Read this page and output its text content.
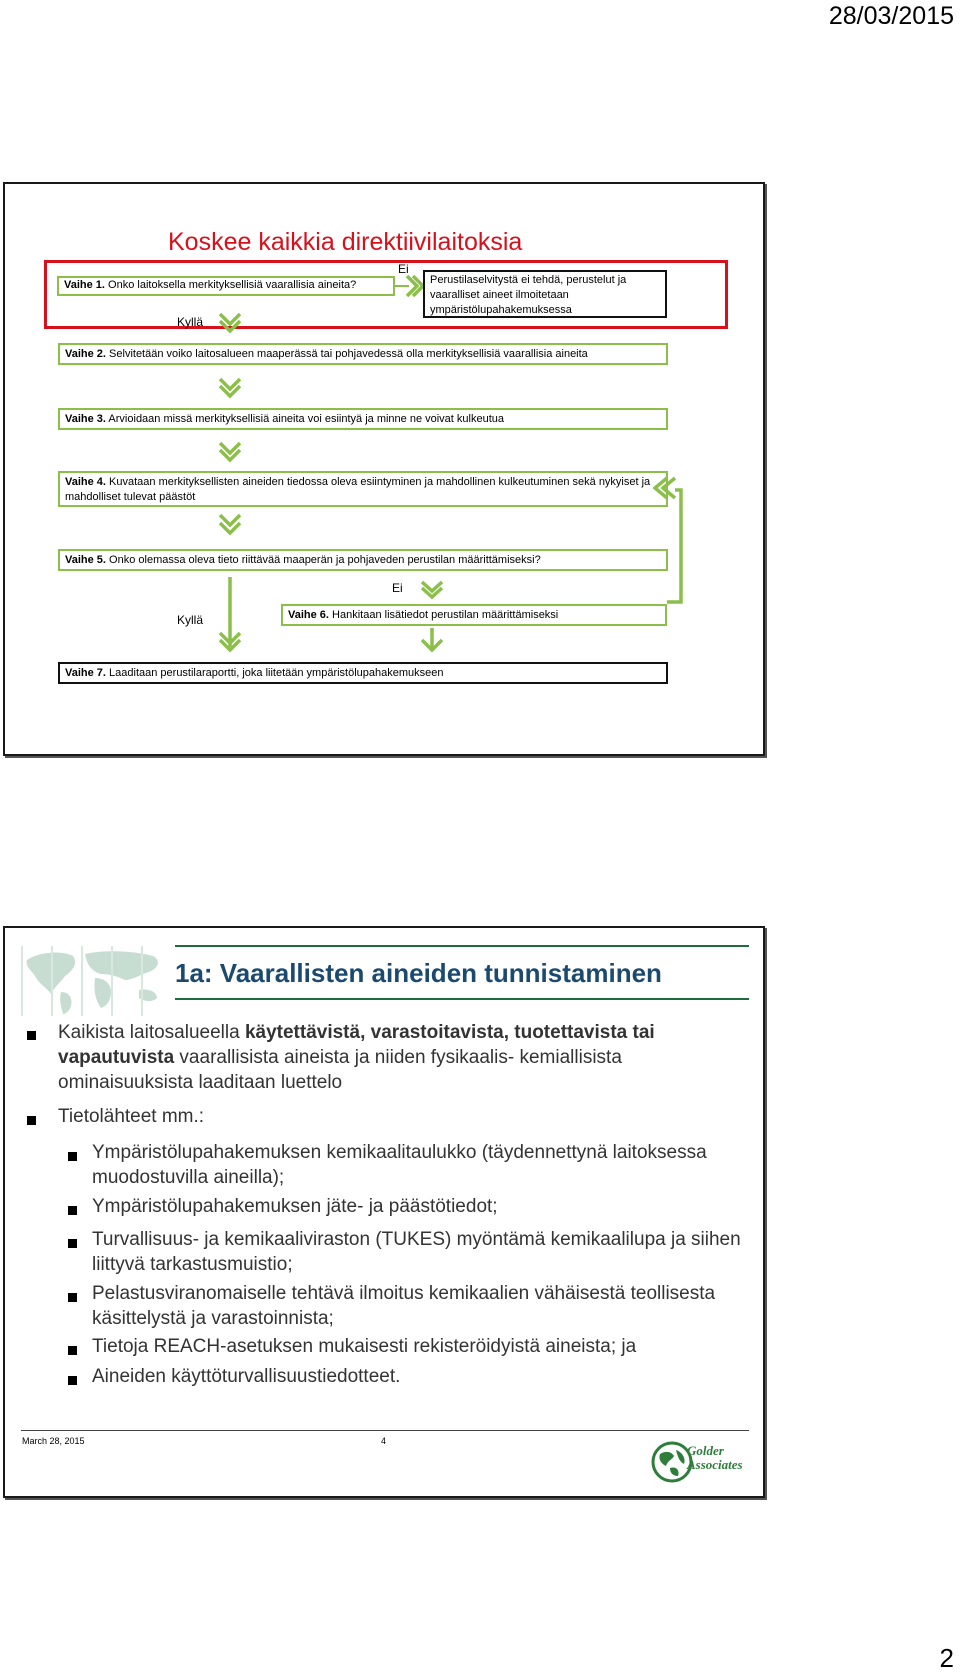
28/03/2015
Koskee kaikkia direktiivilaitoksia
Vaihe 1. Onko laitoksella merkityksellisiä vaarallisia aineita?
Ei
Perustilaselvitystä ei tehdä, perustelut ja vaaralliset aineet ilmoitetaan ympäristölupahakemuksessa
Kyllä
Vaihe 2. Selvitetään voiko laitosalueen maaperässä tai pohjavedessä olla merkityksellisiä vaarallisia aineita
Vaihe 3. Arvioidaan missä merkityksellisiä aineita voi esiintyä ja minne ne voivat kulkeutua
Vaihe 4. Kuvataan merkityksellisten aineiden tiedossa oleva esiintyminen ja mahdollinen kulkeutuminen sekä nykyiset ja mahdolliset tulevat päästöt
Vaihe 5. Onko olemassa oleva tieto riittävää maaperän ja pohjaveden perustilan määrittämiseksi?
Ei
Kyllä	Vaihe 6. Hankitaan lisätiedot perustilan määrittämiseksi
Vaihe 7. Laaditaan perustilaraportti, joka liitetään ympäristölupahakemukseen
1a: Vaarallisten aineiden tunnistaminen
Kaikista laitosalueella käytettävistä, varastoitavista, tuotettavista tai vapautuvista vaarallisista aineista ja niiden fysikaalis- kemiallisista ominaisuuksista laaditaan luettelo
Tietolähteet mm.:
Ympäristölupahakemuksen kemikaalitaulukko (täydennettynä laitoksessa muodostuvilla aineilla);
Ympäristölupahakemuksen jäte- ja päästötiedot;
Turvallisuus- ja kemikaaliviraston (TUKES) myöntämä kemikaalilupa ja siihen liittyvä tarkastusmuistio;
Pelastusviranomaiselle tehtävä ilmoitus kemikaalien vähäisestä teollisesta käsittelystä ja varastoinnista;
Tietoja REACH-asetuksen mukaisesti rekisteröidyistä aineista; ja
Aineiden käyttöturvallisuustiedotteet.
March 28, 2015	4
Golder
Associates
2
